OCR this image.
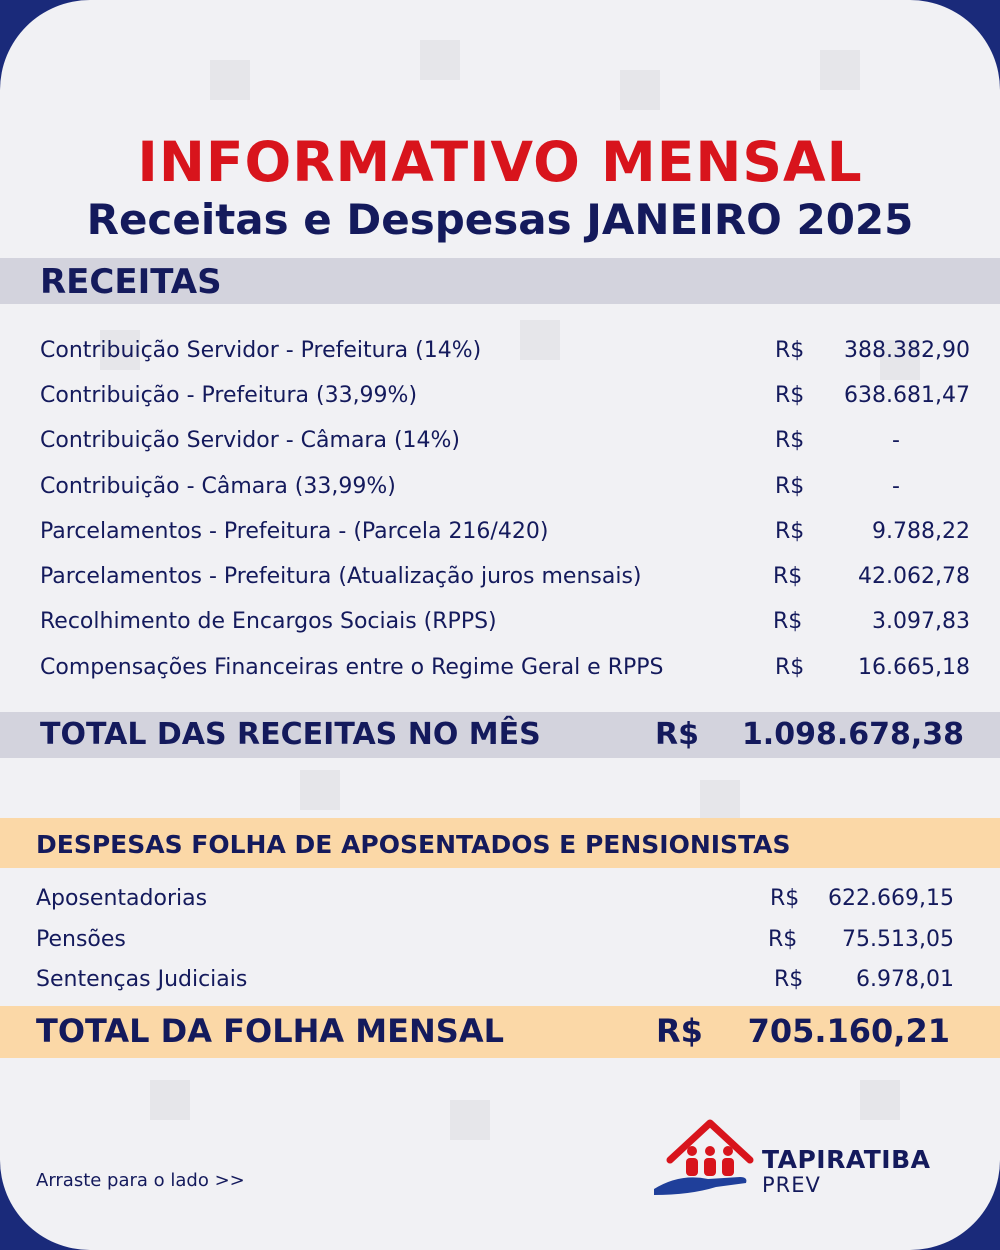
INFORMATIVO MENSAL
Receitas e Despesas JANEIRO 2025
RECEITAS
Contribuição Servidor - Prefeitura (14%)	R$ 388.382,90
Contribuição - Prefeitura (33,99%)	R$ 638.681,47
Contribuição Servidor - Câmara (14%)	R$	-
Contribuição - Câmara (33,99%)	R$	-
Parcelamentos - Prefeitura - (Parcela 216/420)	R$	9.788,22
Parcelamentos - Prefeitura (Atualização juros mensais)	R$	42.062,78
Recolhimento de Encargos Sociais (RPPS)	R$	3.097,83
Compensações Financeiras entre o Regime Geral e RPPS	R$ 16.665,18
TOTAL DAS RECEITAS NO MÊS	R$ 1.098.678,38
DESPESAS FOLHA DE APOSENTADOS E PENSIONISTAS
Aposentadorias	R$ 622.669,15
Pensões	R$ 75.513,05
Sentenças Judiciais	R$ 6.978,01
TOTAL DA FOLHA MENSAL	R$ 705.160,21
Arraste para o lado >>
TAPIRATIBA
PREV
